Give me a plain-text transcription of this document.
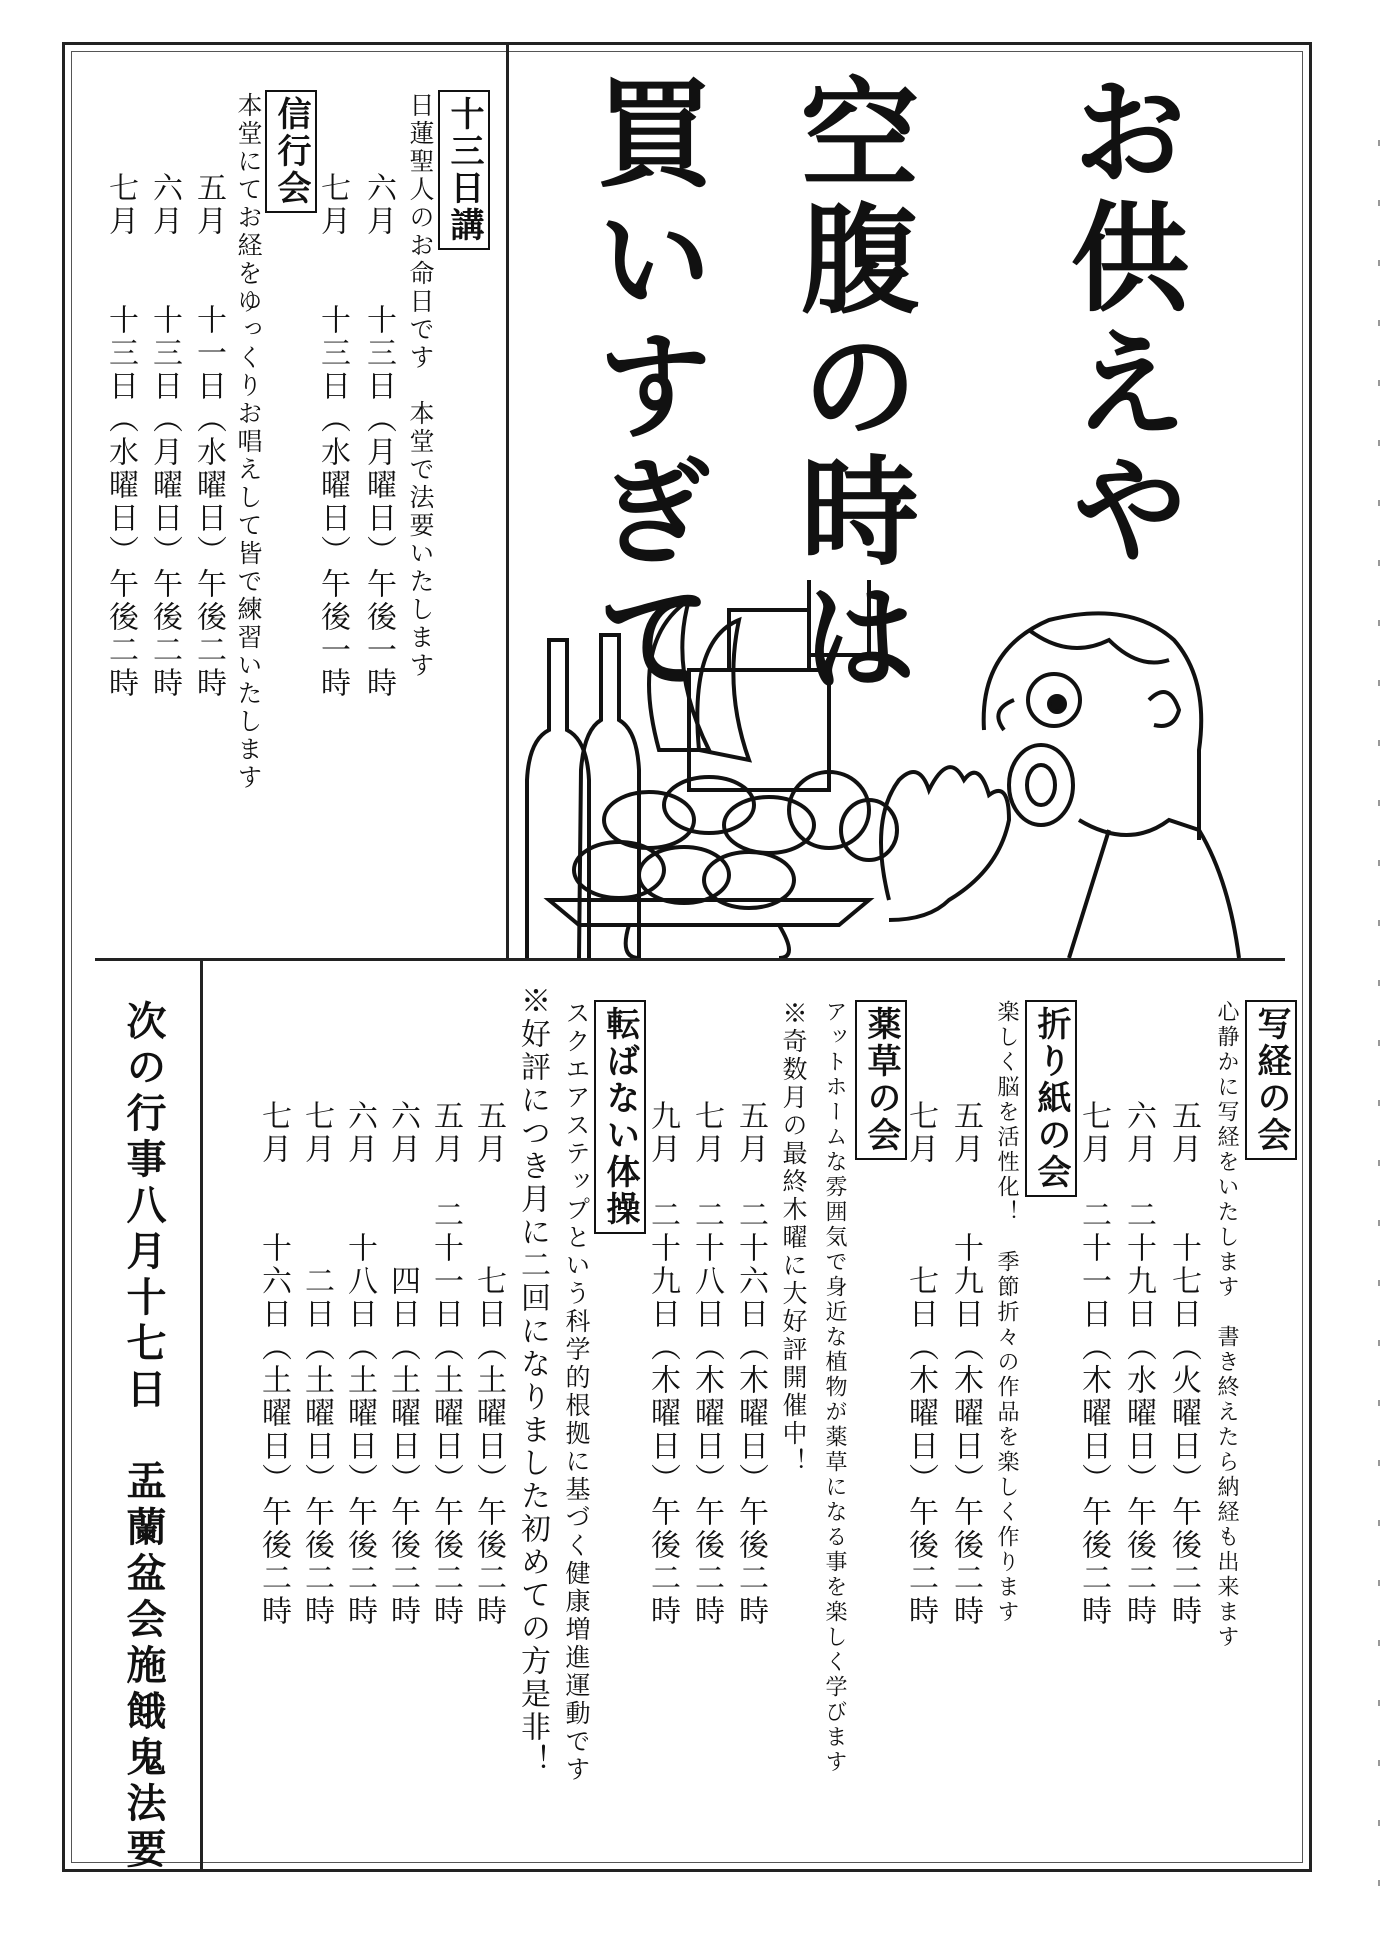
お供えや
空腹の時は
買いすぎて
十三日講
日蓮聖人のお命日です　本堂で法要いたします
六月　　十三日（月曜日）午後一時
七月　　十三日（水曜日）午後一時
信行会
本堂にてお経をゆっくりお唱えして皆で練習いたします
五月　　十一日（水曜日）午後二時
六月　　十三日（月曜日）午後二時
七月　　十三日（水曜日）午後二時
写経の会
心静かに写経をいたします　書き終えたら納経も出来ます
五月　　十七日（火曜日）午後二時
六月　二十九日（水曜日）午後二時
七月　二十一日（木曜日）午後二時
折り紙の会
楽しく脳を活性化！　季節折々の作品を楽しく作ります
五月　　十九日（木曜日）午後二時
七月　　　七日（木曜日）午後二時
薬草の会
アットホームな雰囲気で身近な植物が薬草になる事を楽しく学びます
※奇数月の最終木曜に大好評開催中！
五月　二十六日（木曜日）午後二時
七月　二十八日（木曜日）午後二時
九月　二十九日（木曜日）午後二時
転ばない体操
スクエアステップという科学的根拠に基づく健康増進運動です
※好評につき月に二回になりました初めての方是非！
五月　　　七日（土曜日）午後二時
五月　二十一日（土曜日）午後二時
六月　　　四日（土曜日）午後二時
六月　　十八日（土曜日）午後二時
七月　　　二日（土曜日）午後二時
七月　　十六日（土曜日）午後二時
次の行事八月十七日　盂蘭盆会施餓鬼法要
